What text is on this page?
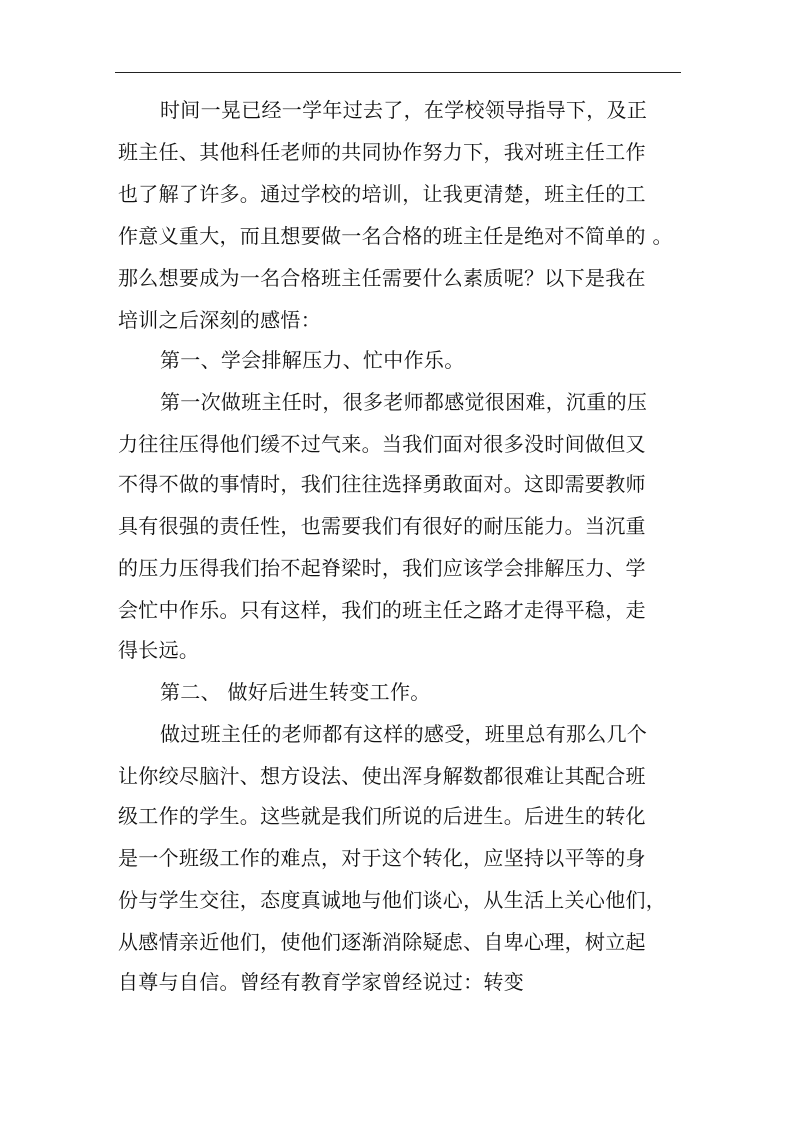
时间一晃已经一学年过去了，在学校领导指导下，及正
班主任、其他科任老师的共同协作努力下，我对班主任工作
也了解了许多。通过学校的培训，让我更清楚，班主任的工
作意义重大，而且想要做一名合格的班主任是绝对不简单的 。
那么想要成为一名合格班主任需要什么素质呢？以下是我在
培训之后深刻的感悟：
第一、学会排解压力、忙中作乐。
第一次做班主任时，很多老师都感觉很困难，沉重的压
力往往压得他们缓不过气来。当我们面对很多没时间做但又
不得不做的事情时，我们往往选择勇敢面对。这即需要教师
具有很强的责任性，也需要我们有很好的耐压能力。当沉重
的压力压得我们抬不起脊梁时，我们应该学会排解压力、学
会忙中作乐。只有这样，我们的班主任之路才走得平稳，走
得长远。
第二、 做好后进生转变工作。
做过班主任的老师都有这样的感受，班里总有那么几个
让你绞尽脑汁、想方设法、使出浑身解数都很难让其配合班
级工作的学生。这些就是我们所说的后进生。后进生的转化
是一个班级工作的难点，对于这个转化，应坚持以平等的身
份与学生交往，态度真诚地与他们谈心，从生活上关心他们，
从感情亲近他们，使他们逐渐消除疑虑、自卑心理，树立起
自尊与自信。曾经有教育学家曾经说过：转变
